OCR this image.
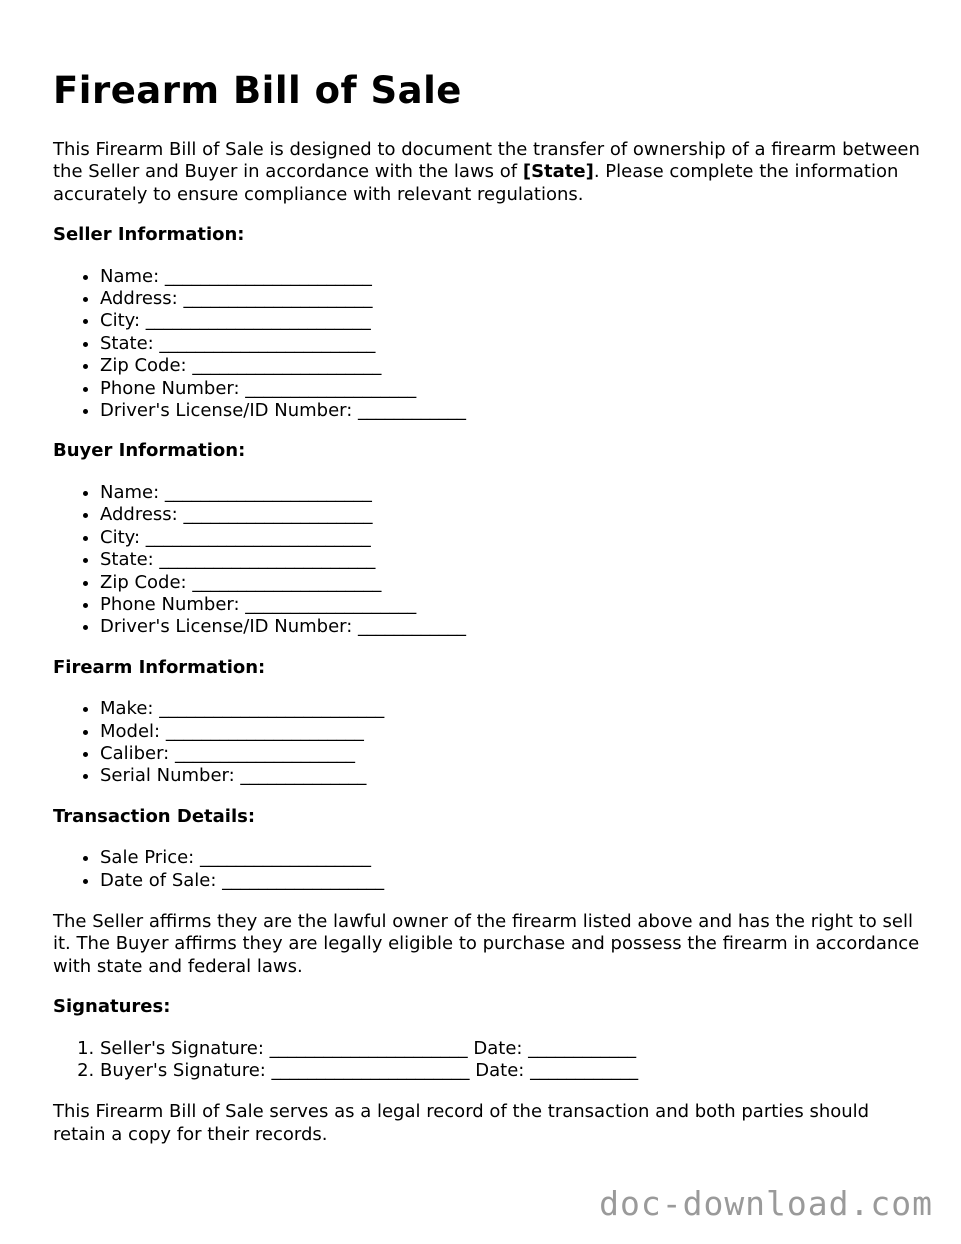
Firearm Bill of Sale

This Firearm Bill of Sale is designed to document the transfer of ownership of a firearm between the Seller and Buyer in accordance with the laws of [State]. Please complete the information accurately to ensure compliance with relevant regulations.

Seller Information:
• Name: _______________________
• Address: _____________________
• City: _________________________
• State: ________________________
• Zip Code: _____________________
• Phone Number: ___________________
• Driver's License/ID Number: ____________
Buyer Information:
• Name: _______________________
• Address: _____________________
• City: _________________________
• State: ________________________
• Zip Code: _____________________
• Phone Number: ___________________
• Driver's License/ID Number: ____________
Firearm Information:
• Make: _________________________
• Model: ______________________
• Caliber: ____________________
• Serial Number: ______________
Transaction Details:
• Sale Price: ___________________
• Date of Sale: __________________

The Seller affirms they are the lawful owner of the firearm listed above and has the right to sell it. The Buyer affirms they are legally eligible to purchase and possess the firearm in accordance with state and federal laws.

Signatures:
1. Seller's Signature: ______________________ Date: ____________
2. Buyer's Signature: ______________________ Date: ____________

This Firearm Bill of Sale serves as a legal record of the transaction and both parties should retain a copy for their records.

doc-download.com
